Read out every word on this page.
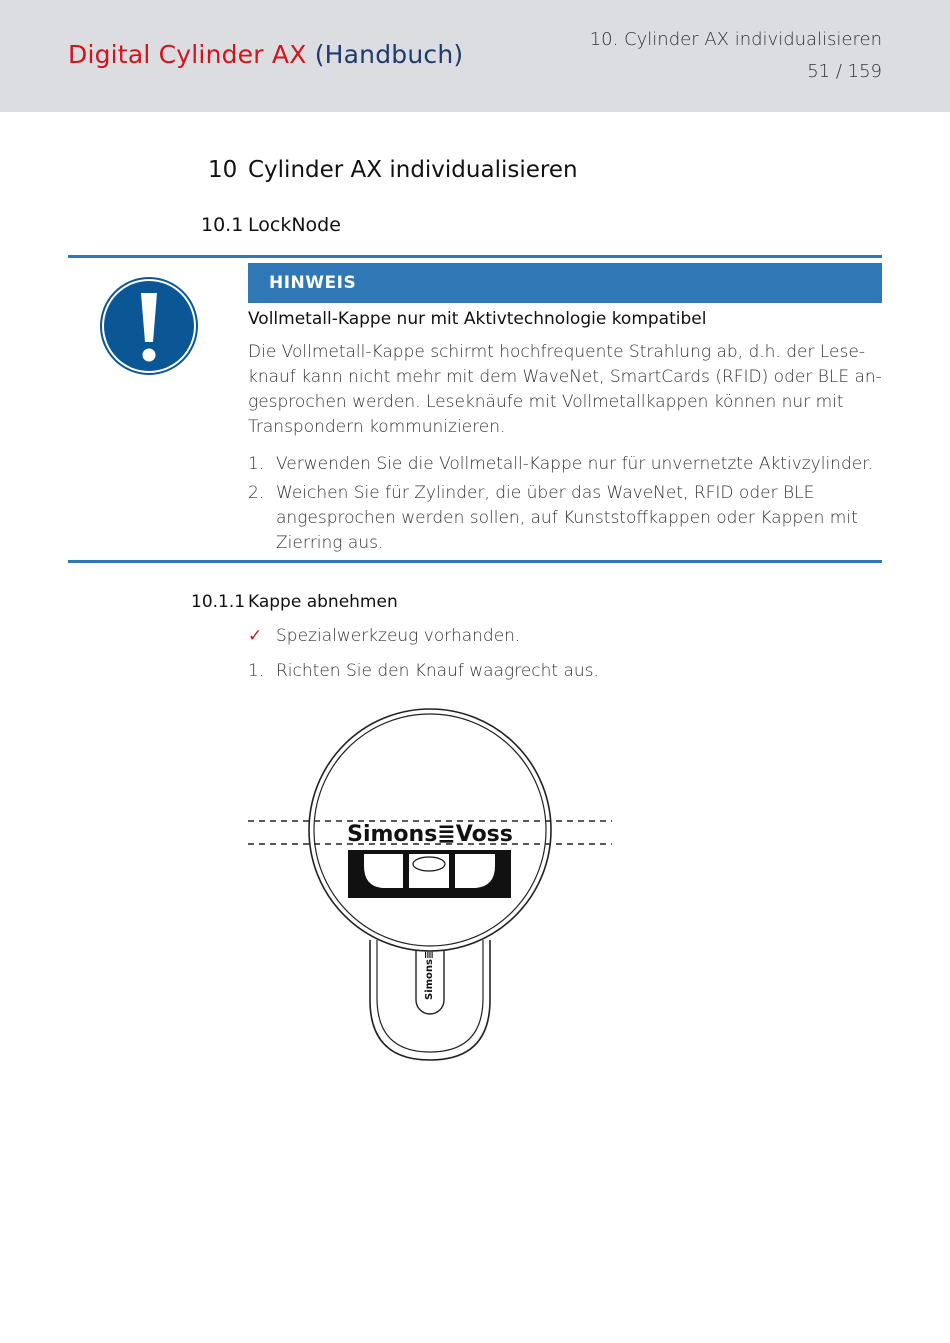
Digital Cylinder AX (Handbuch)
10. Cylinder AX individualisieren
51 / 159
10 Cylinder AX individualisieren
10.1 LockNode
HINWEIS
Vollmetall-Kappe nur mit Aktivtechnologie kompatibel
Die Vollmetall-Kappe schirmt hochfrequente Strahlung ab, d.h. der Lese-
knauf kann nicht mehr mit dem WaveNet, SmartCards (RFID) oder BLE an-
gesprochen werden. Leseknäufe mit Vollmetallkappen können nur mit
Transpondern kommunizieren.
1. Verwenden Sie die Vollmetall-Kappe nur für unvernetzte Aktivzylinder.
2. Weichen Sie für Zylinder, die über das WaveNet, RFID oder BLE
angesprochen werden sollen, auf Kunststoffkappen oder Kappen mit
Zierring aus.
10.1.1 Kappe abnehmen
✓ Spezialwerkzeug vorhanden.
1. Richten Sie den Knauf waagrecht aus.
Simons≣
Simons≣Voss
